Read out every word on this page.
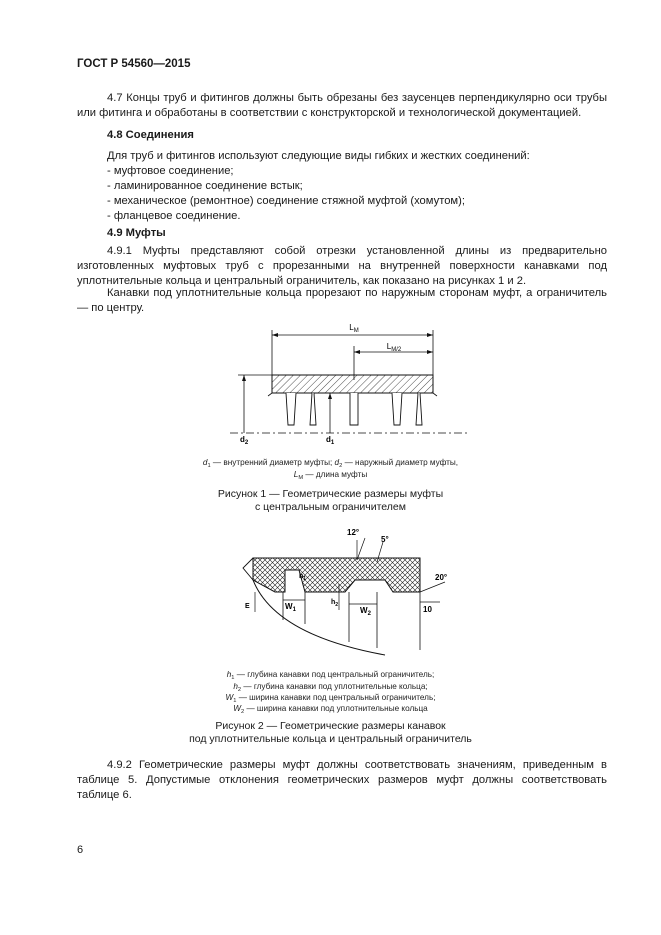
ГОСТ Р 54560—2015
4.7 Концы труб и фитингов должны быть обрезаны без заусенцев перпендикулярно оси трубы или фитинга и обработаны в соответствии с конструкторской и технологической документацией.
4.8 Соединения
Для труб и фитингов используют следующие виды гибких и жестких соединений:
- муфтовое соединение;
- ламинированное соединение встык;
- механическое (ремонтное) соединение стяжной муфтой (хомутом);
- фланцевое соединение.
4.9 Муфты
4.9.1 Муфты представляют собой отрезки установленной длины из предварительно изготовленных муфтовых труб с прорезанными на внутренней поверхности канавками под уплотнительные кольца и центральный ограничитель, как показано на рисунках 1 и 2.
Канавки под уплотнительные кольца прорезают по наружным сторонам муфт, а ограничитель — по центру.
$L_M$
$L_{M/2}$
$d_2$	$d_1$
$d_1$ — внутренний диаметр муфты; $d_2$ — наружный диаметр муфты,
$L_M$ — длина муфты
Рисунок 1 — Геометрические размеры муфты
с центральным ограничителем
$W_1$	$W_2$
$h_1$
$h_2$
E
12°
5°
20°
10
$h_1$ — глубина канавки под центральный ограничитель;
$h_2$ — глубина канавки под уплотнительные кольца;
$W_1$ — ширина канавки под центральный ограничитель;
$W_2$ — ширина канавки под уплотнительные кольца
Рисунок 2 — Геометрические размеры канавок
под уплотнительные кольца и центральный ограничитель
4.9.2 Геометрические размеры муфт должны соответствовать значениям, приведенным в таблице 5. Допустимые отклонения геометрических размеров муфт должны соответствовать таблице 6.
6
